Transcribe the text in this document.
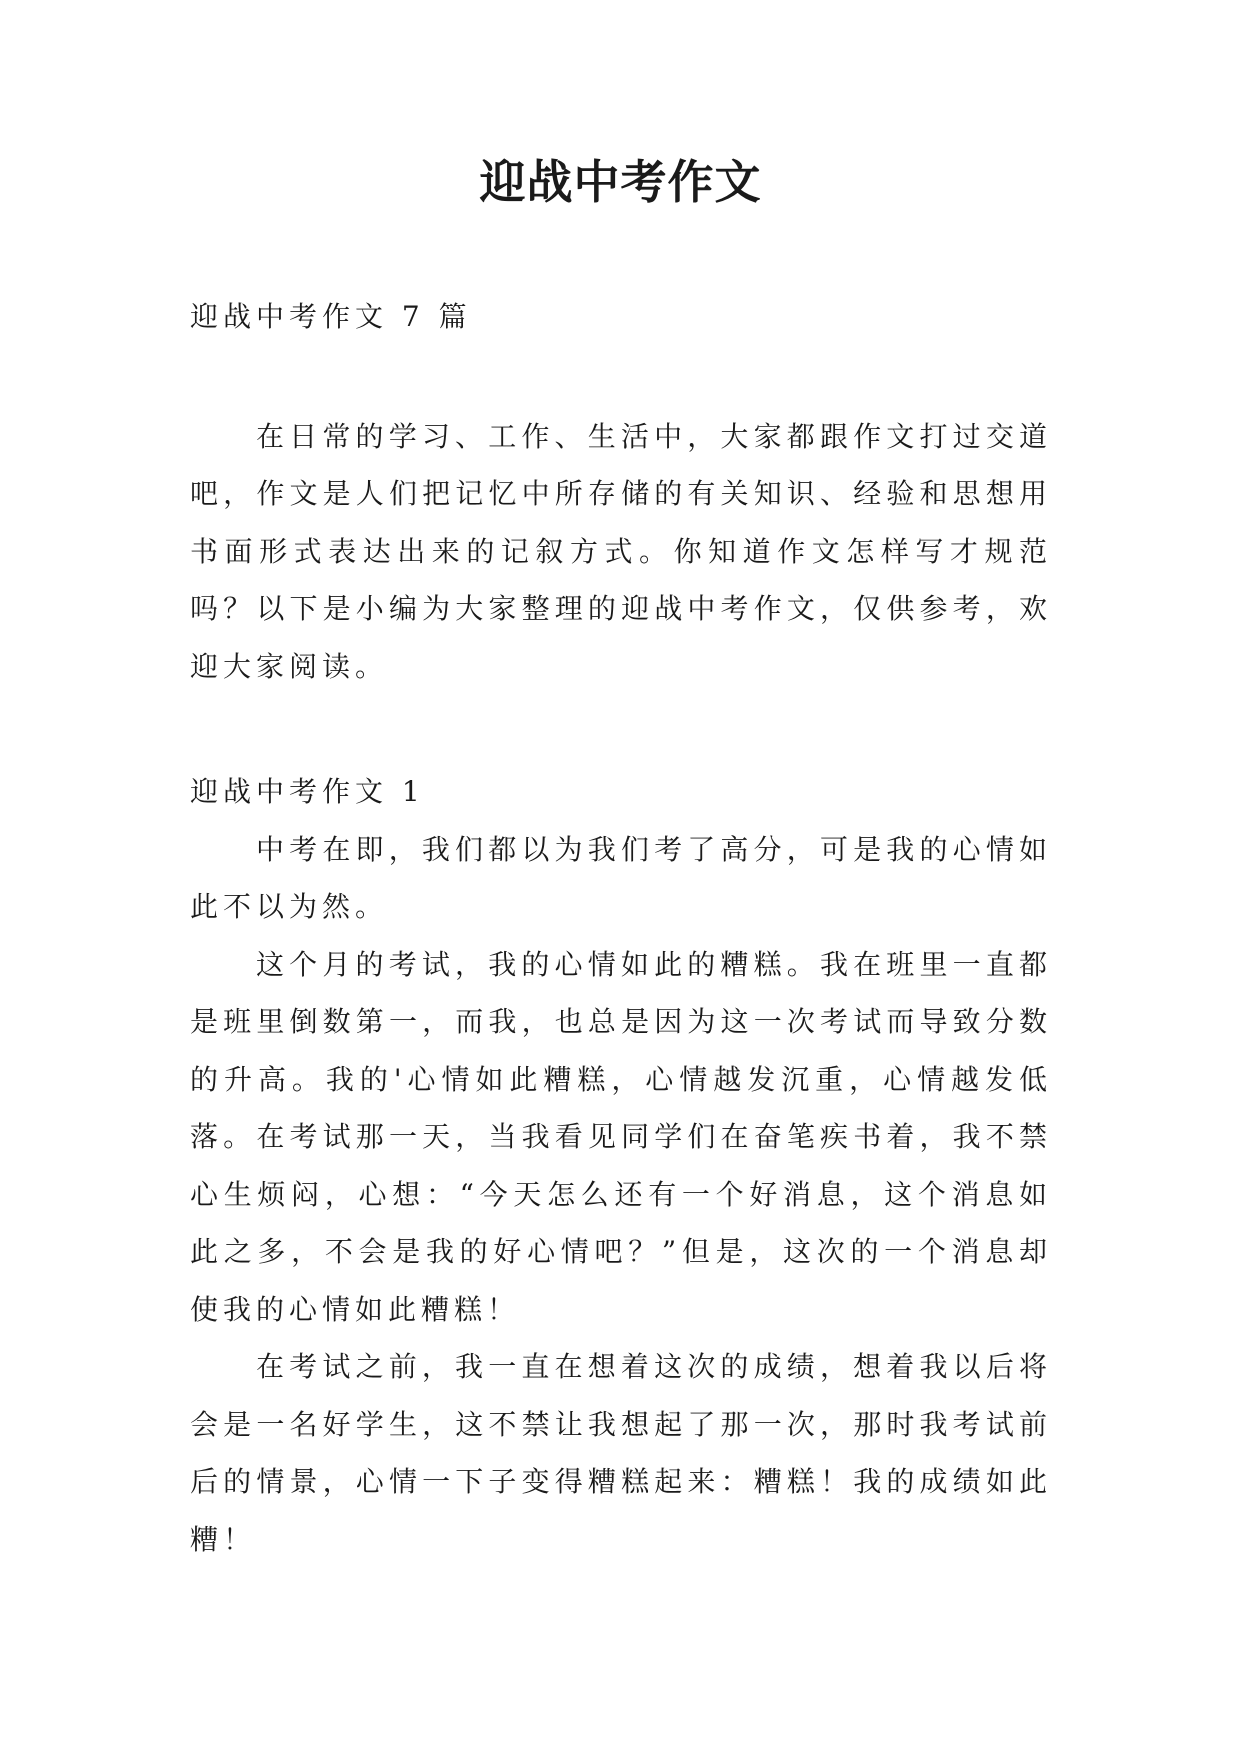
迎战中考作文

迎战中考作文 7 篇

在日常的学习、工作、生活中，大家都跟作文打过交道吧，作文是人们把记忆中所存储的有关知识、经验和思想用书面形式表达出来的记叙方式。你知道作文怎样写才规范吗？以下是小编为大家整理的迎战中考作文，仅供参考，欢迎大家阅读。

迎战中考作文 1

中考在即，我们都以为我们考了高分，可是我的心情如此不以为然。

这个月的考试，我的心情如此的糟糕。我在班里一直都是班里倒数第一，而我，也总是因为这一次考试而导致分数的升高。我的'心情如此糟糕，心情越发沉重，心情越发低落。在考试那一天，当我看见同学们在奋笔疾书着，我不禁心生烦闷，心想：“今天怎么还有一个好消息，这个消息如此之多，不会是我的好心情吧？”但是，这次的一个消息却使我的心情如此糟糕！

在考试之前，我一直在想着这次的成绩，想着我以后将会是一名好学生，这不禁让我想起了那一次，那时我考试前后的情景，心情一下子变得糟糕起来：糟糕！我的成绩如此糟！
